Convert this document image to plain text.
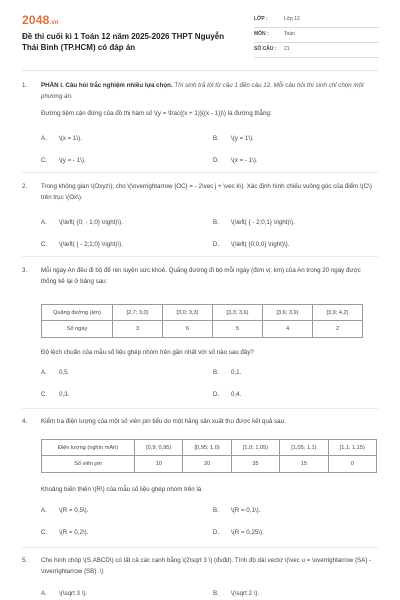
2048.vn
Đề thi cuối kì 1 Toán 12 năm 2025-2026 THPT Nguyễn Thái Bình (TP.HCM) có đáp án
LỚP :	Lớp 12
MÔN :	Toán
SỐ CÂU : 21
1. PHẦN I. Câu hỏi trắc nghiệm nhiều lựa chọn. Thí sinh trả lời từ câu 1 đến câu 12. Mỗi câu hỏi thí sinh chỉ chọn một phương án.
Đường tiệm cận đứng của đồ thị hàm số \(y = \frac{(x + 1)}{(x - 1)}\) là đường thẳng:
A. \(x = 1\).	B. \(y = 1\).
C. \(y = - 1\).	D. \(x = - 1\).
2. Trong không gian \(Oxyz\), cho \(\overrightarrow {OC} = - 2\vec j + \vec k\). Xác định hình chiếu vuông góc của điểm \(C\) trên trục \(Ox\).
A. \(\left( {0; - 1;0} \right)\).	B. \(\left( { - 2;0;1} \right)\).
C. \(\left( { - 2;1;0} \right)\).	D. \(\left( {0;0;0} \right)\).
3. Mỗi ngày An đều đi bộ để rèn luyện sức khoẻ. Quãng đường đi bộ mỗi ngày (đơn vị: km) của An trong 20 ngày được thống kê lại ở bảng sau:
Quãng đường (km)	[2,7; 3,0)	[3,0; 3,3)	[3,3; 3,6)	[3,6; 3,9)	[3,9; 4,2)
Số ngày	3	6	5	4	2
Độ lệch chuẩn của mẫu số liệu ghép nhóm trên gần nhất với số nào sau đây?
A. 0,5.	B. 0,1.
C. 0,3.	D. 0,4.
4. Kiểm tra điện lượng của một số viên pin tiểu do một hãng sản xuất thu được kết quả sau:
Điện lượng (nghìn mAh)	[0,9; 0,95)	[0,95; 1,0)	[1,0; 1,05)	[1,05; 1,1)	[1,1; 1,15)
Số viên pin	10	20	35	15	0
Khoảng biến thiên \(R\) của mẫu số liệu ghép nhóm trên là
A. \(R = 0,5\).	B. \(R = 0,1\).
C. \(R = 0,2\).	D. \(R = 0,25\).
5. Cho hình chóp \(S.ABCD\) có tất cả các cạnh bằng \(2\sqrt 3 \) (đvđd). Tính độ dài vectơ \(\vec u = \overrightarrow {SA} - \overrightarrow {SB} .\)
A. \(\sqrt 3 \).	B. \(\sqrt 2 \).
